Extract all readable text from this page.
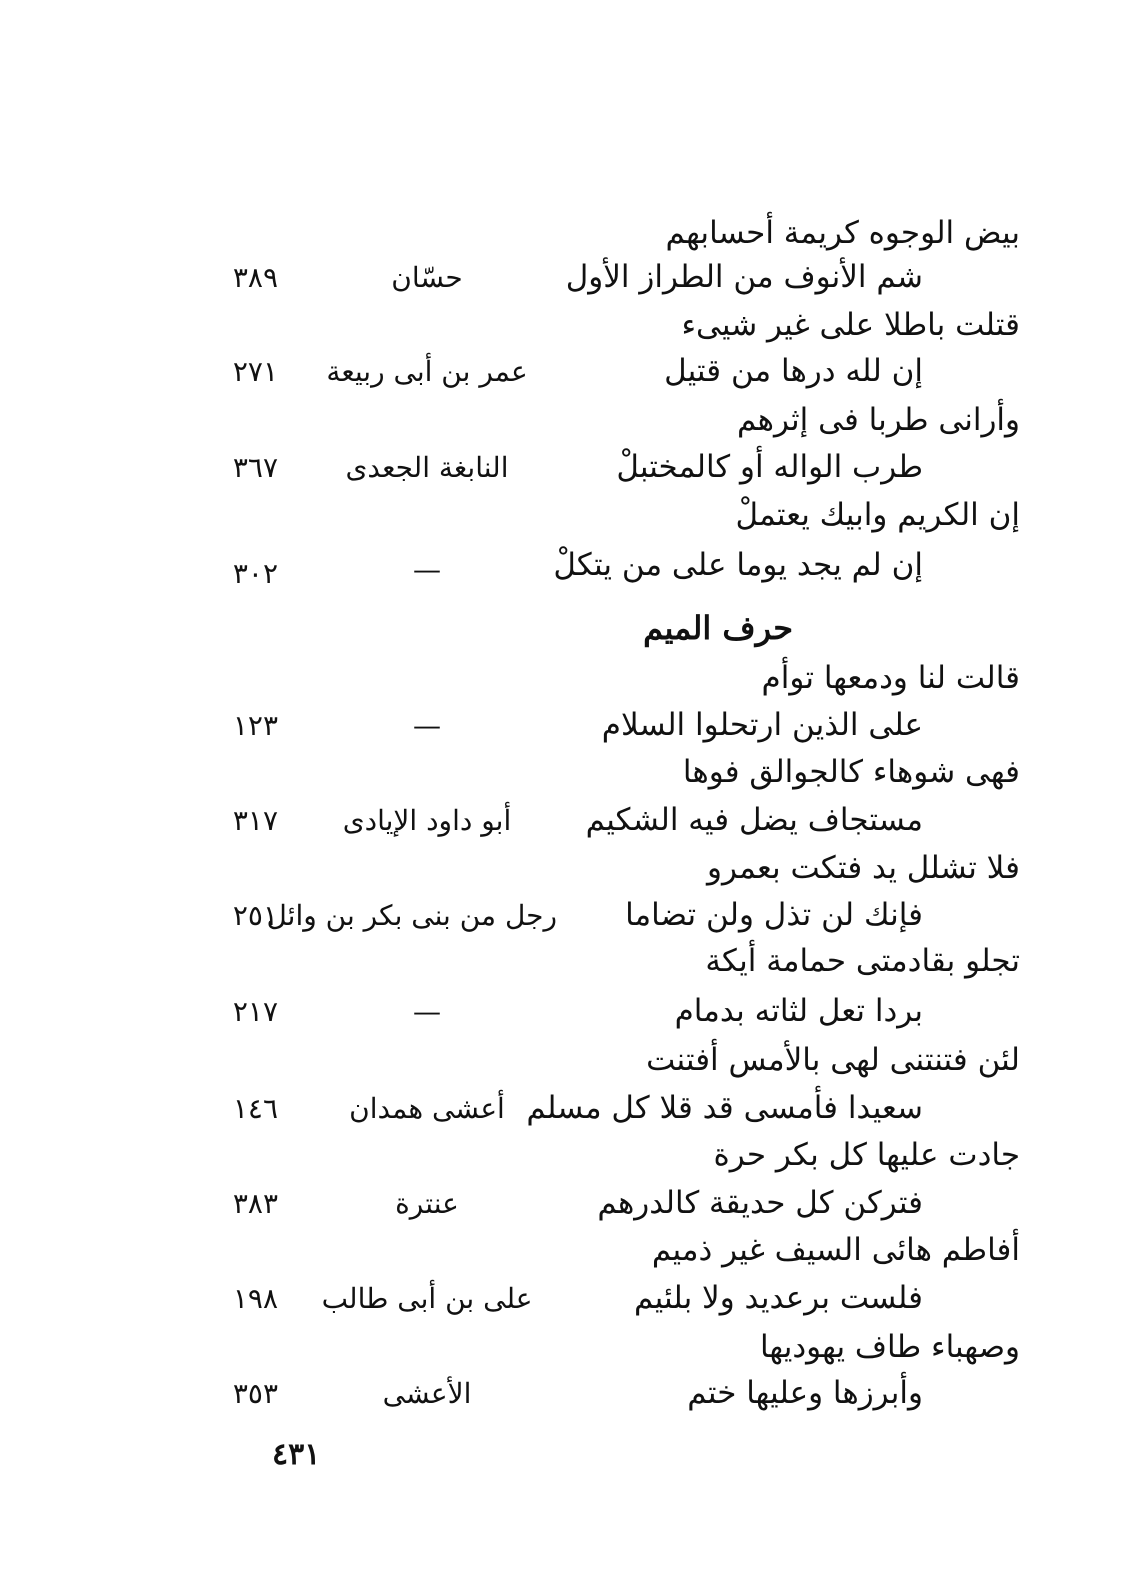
بيض الوجوه كريمة أحسابهم
شم الأنوف من الطراز الأول
حسّان
٣٨٩
قتلت باطلا على غير شيىء
إن لله درها من قتيل
عمر بن أبى ربيعة
٢٧١
وأرانى طربا فى إثرهم
طرب الواله أو كالمختبلْ
النابغة الجعدى
٣٦٧
إن الكريم وابيك يعتملْ
إن لم يجد يوما على من يتكلْ
—
٣٠٢
حرف الميم
قالت لنا ودمعها توأم
على الذين ارتحلوا السلام
—
١٢٣
فهى شوهاء كالجوالق فوها
مستجاف يضل فيه الشكيم
أبو داود الإيادى
٣١٧
فلا تشلل يد فتكت بعمرو
فإنك لن تذل ولن تضاما
رجل من بنى بكر بن وائل
٢٥١
تجلو بقادمتى حمامة أيكة
بردا تعل لثاته بدمام
—
٢١٧
لئن فتنتنى لهى بالأمس أفتنت
سعيدا فأمسى قد قلا كل مسلم
أعشى همدان
١٤٦
جادت عليها كل بكر حرة
فتركن كل حديقة كالدرهم
عنترة
٣٨٣
أفاطم هائى السيف غير ذميم
فلست برعديد ولا بلئيم
على بن أبى طالب
١٩٨
وصهباء طاف يهوديها
وأبرزها وعليها ختم
الأعشى
٣٥٣
٤٣١
